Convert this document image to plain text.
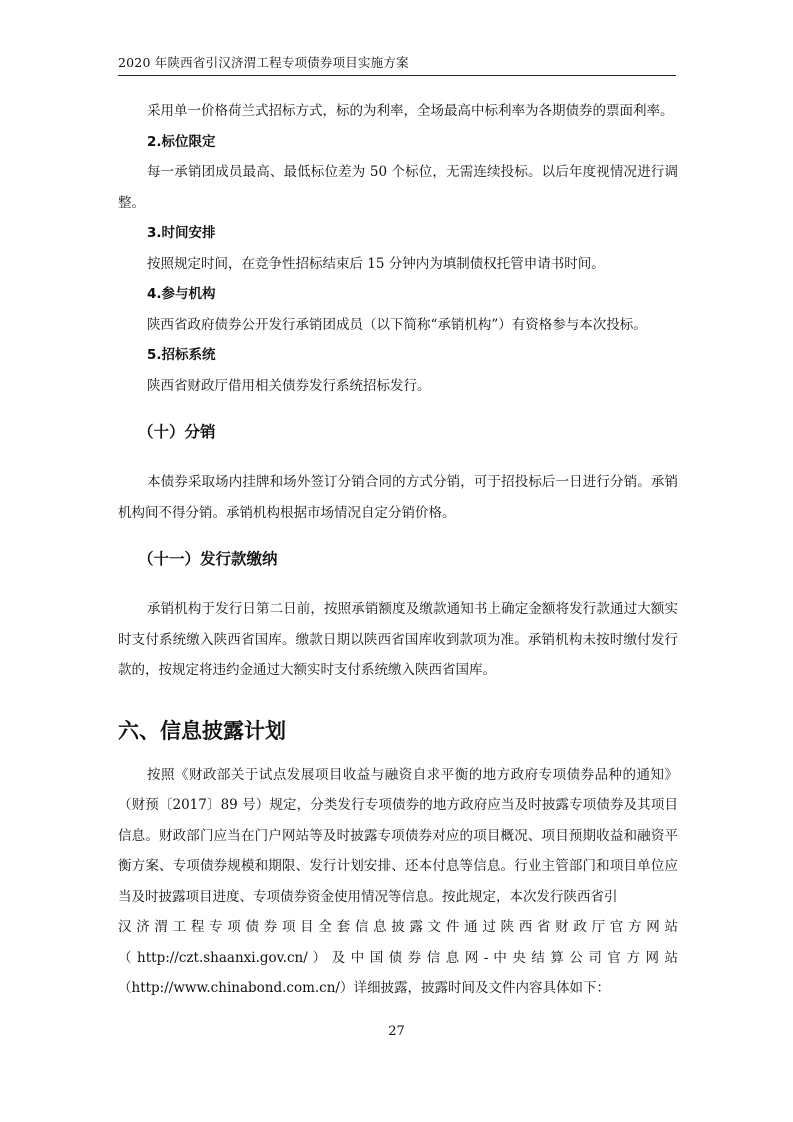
2020 年陕西省引汉济渭工程专项债券项目实施方案

采用单一价格荷兰式招标方式，标的为利率，全场最高中标利率为各期债券的票面利率。

2.标位限定

每一承销团成员最高、最低标位差为 50 个标位，无需连续投标。以后年度视情况进行调整。

3.时间安排

按照规定时间，在竞争性招标结束后 15 分钟内为填制债权托管申请书时间。

4.参与机构

陕西省政府债券公开发行承销团成员（以下简称“承销机构”）有资格参与本次投标。

5.招标系统

陕西省财政厅借用相关债券发行系统招标发行。

（十）分销

本债券采取场内挂牌和场外签订分销合同的方式分销，可于招投标后一日进行分销。承销机构间不得分销。承销机构根据市场情况自定分销价格。

（十一）发行款缴纳

承销机构于发行日第二日前，按照承销额度及缴款通知书上确定金额将发行款通过大额实时支付系统缴入陕西省国库。缴款日期以陕西省国库收到款项为准。承销机构未按时缴付发行款的，按规定将违约金通过大额实时支付系统缴入陕西省国库。

六、信息披露计划

按照《财政部关于试点发展项目收益与融资自求平衡的地方政府专项债券品种的通知》（财预〔2017〕89 号）规定，分类发行专项债券的地方政府应当及时披露专项债券及其项目信息。财政部门应当在门户网站等及时披露专项债券对应的项目概况、项目预期收益和融资平衡方案、专项债券规模和期限、发行计划安排、还本付息等信息。行业主管部门和项目单位应当及时披露项目进度、专项债券资金使用情况等信息。按此规定，本次发行陕西省引

汉济渭工程专项债券项目全套信息披露文件通过陕西省财政厅官方网站

（ http://czt.shaanxi.gov.cn/ ） 及 中 国 债 券 信 息 网 - 中 央 结 算 公 司 官 方 网 站

（http://www.chinabond.com.cn/）详细披露，披露时间及文件内容具体如下：

27
